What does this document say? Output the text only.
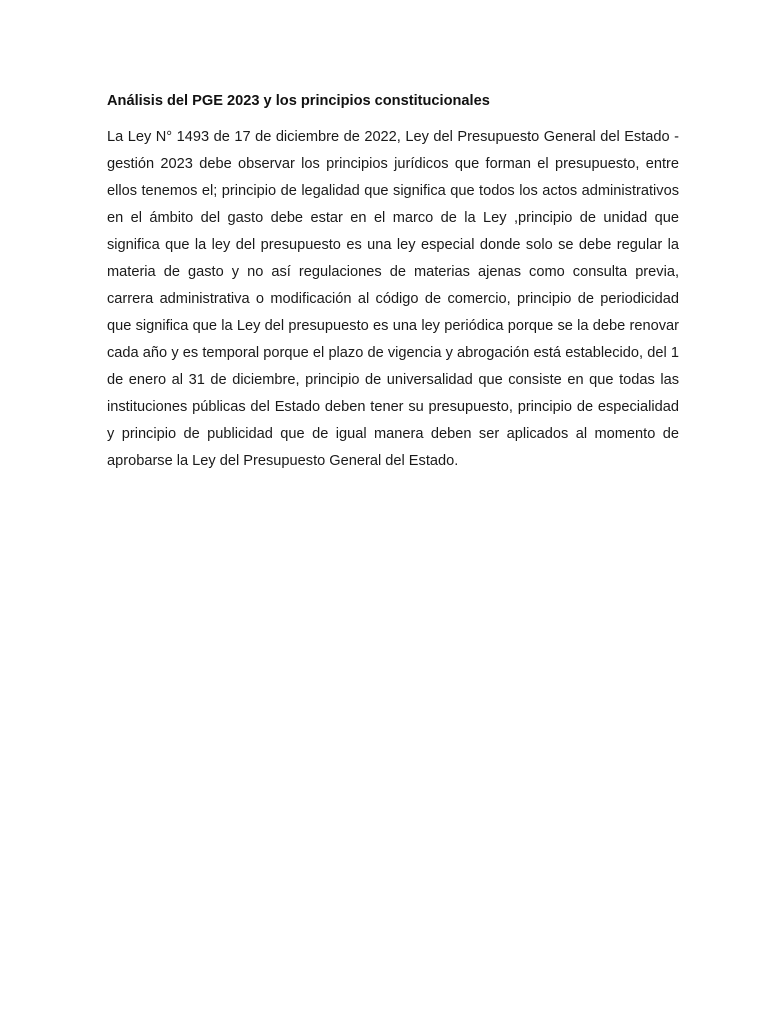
Análisis del PGE 2023 y los principios constitucionales

La Ley N° 1493 de 17 de diciembre de 2022, Ley del Presupuesto General del Estado - gestión 2023 debe observar los principios jurídicos que forman el presupuesto, entre ellos tenemos el; principio de legalidad que significa que todos los actos administrativos en el ámbito del gasto debe estar en el marco de la Ley ,principio de unidad que significa que la ley del presupuesto es una ley especial donde solo se debe regular la materia de gasto y no así regulaciones de materias ajenas como consulta previa, carrera administrativa o modificación al código de comercio, principio de periodicidad que significa que la Ley del presupuesto es una ley periódica porque se la debe renovar cada año y es temporal porque el plazo de vigencia y abrogación está establecido, del 1 de enero al 31 de diciembre, principio de universalidad que consiste en que todas las instituciones públicas del Estado deben tener su presupuesto, principio de especialidad y principio de publicidad que de igual manera deben ser aplicados al momento de aprobarse la Ley del Presupuesto General del Estado.
